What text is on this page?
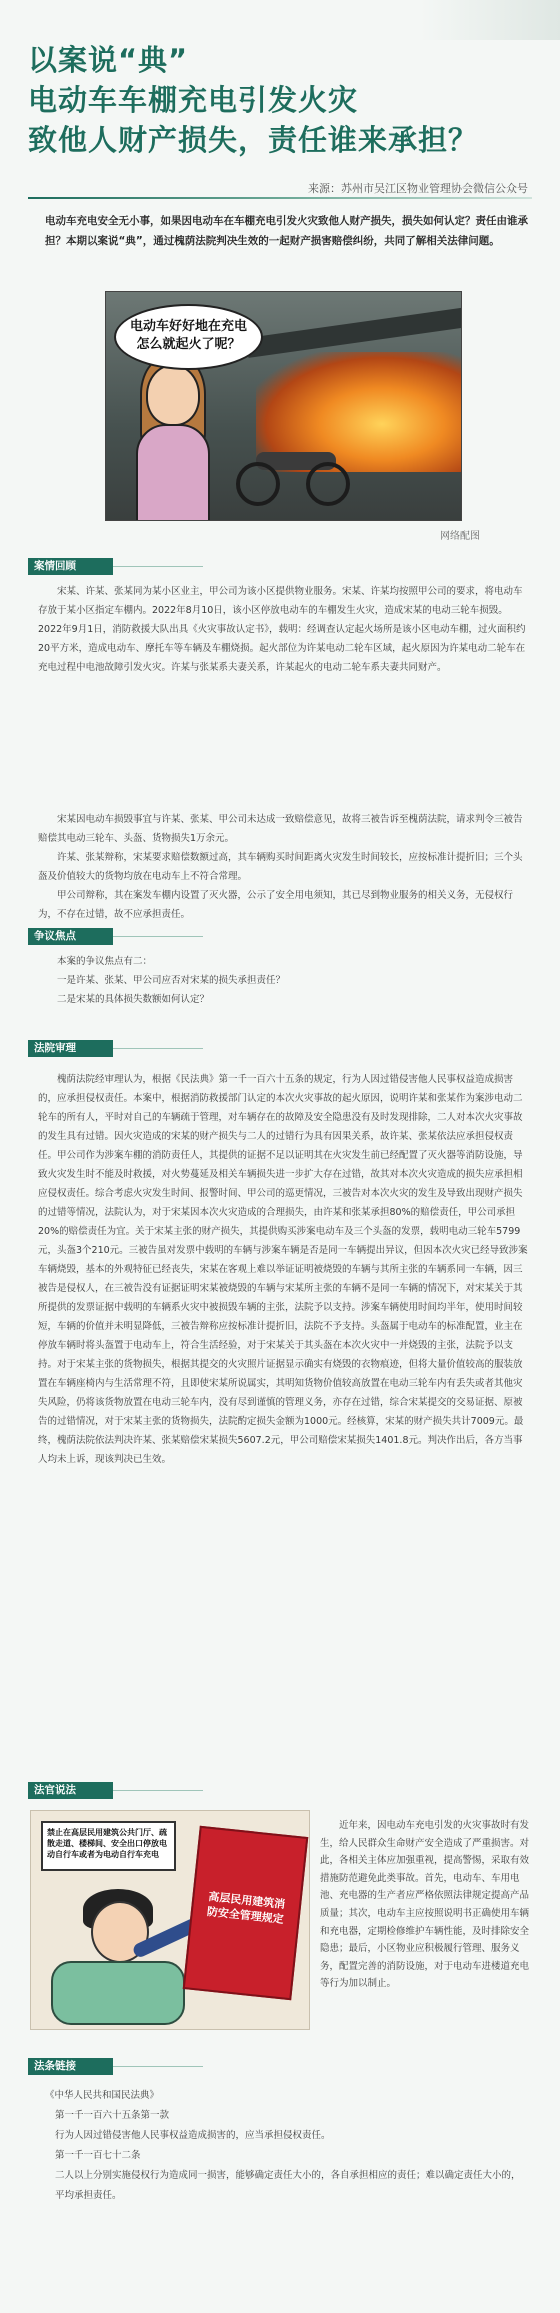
以案说“典”
电动车车棚充电引发火灾
致他人财产损失，责任谁来承担？
来源：苏州市吴江区物业管理协会微信公众号
电动车充电安全无小事，如果因电动车在车棚充电引发火灾致他人财产损失，损失如何认定？责任由谁承担？本期以案说“典”，通过槐荫法院判决生效的一起财产损害赔偿纠纷，共同了解相关法律问题。
电动车好好地在充电
怎么就起火了呢？
网络配图
案情回顾

宋某、许某、张某同为某小区业主，甲公司为该小区提供物业服务。宋某、许某均按照甲公司的要求，将电动车存放于某小区指定车棚内。2022年8月10日，该小区停放电动车的车棚发生火灾，造成宋某的电动三轮车损毁。2022年9月1日，消防救援大队出具《火灾事故认定书》，载明：经调查认定起火场所是该小区电动车棚，过火面积约20平方米，造成电动车、摩托车等车辆及车棚烧损。起火部位为许某电动二轮车区域，起火原因为许某电动二轮车在充电过程中电池故障引发火灾。许某与张某系夫妻关系，许某起火的电动二轮车系夫妻共同财产。

宋某因电动车损毁事宜与许某、张某、甲公司未达成一致赔偿意见，故将三被告诉至槐荫法院，请求判令三被告赔偿其电动三轮车、头盔、货物损失1万余元。

许某、张某辩称，宋某要求赔偿数额过高，其车辆购买时间距离火灾发生时间较长，应按标准计提折旧；三个头盔及价值较大的货物均放在电动车上不符合常理。

甲公司辩称，其在案发车棚内设置了灭火器，公示了安全用电须知，其已尽到物业服务的相关义务，无侵权行为，不存在过错，故不应承担责任。

争议焦点

本案的争议焦点有二：

一是许某、张某、甲公司应否对宋某的损失承担责任？

二是宋某的具体损失数额如何认定？

法院审理

槐荫法院经审理认为，根据《民法典》第一千一百六十五条的规定，行为人因过错侵害他人民事权益造成损害的，应承担侵权责任。本案中，根据消防救援部门认定的本次火灾事故的起火原因，说明许某和张某作为案涉电动二轮车的所有人，平时对自己的车辆疏于管理，对车辆存在的故障及安全隐患没有及时发现排除，二人对本次火灾事故的发生具有过错。因火灾造成的宋某的财产损失与二人的过错行为具有因果关系，故许某、张某依法应承担侵权责任。甲公司作为涉案车棚的消防责任人，其提供的证据不足以证明其在火灾发生前已经配置了灭火器等消防设施，导致火灾发生时不能及时救援，对火势蔓延及相关车辆损失进一步扩大存在过错，故其对本次火灾造成的损失应承担相应侵权责任。综合考虑火灾发生时间、报警时间、甲公司的巡更情况，三被告对本次火灾的发生及导致出现财产损失的过错等情况，法院认为，对于宋某因本次火灾造成的合理损失，由许某和张某承担80%的赔偿责任，甲公司承担20%的赔偿责任为宜。关于宋某主张的财产损失，其提供购买涉案电动车及三个头盔的发票，载明电动三轮车5799元，头盔3个210元。三被告虽对发票中载明的车辆与涉案车辆是否是同一车辆提出异议，但因本次火灾已经导致涉案车辆烧毁，基本的外观特征已经丧失，宋某在客观上难以举证证明被烧毁的车辆与其所主张的车辆系同一车辆，因三被告是侵权人，在三被告没有证据证明宋某被烧毁的车辆与宋某所主张的车辆不是同一车辆的情况下，对宋某关于其所提供的发票证据中载明的车辆系火灾中被损毁车辆的主张，法院予以支持。涉案车辆使用时间均半年，使用时间较短，车辆的价值并未明显降低，三被告辩称应按标准计提折旧，法院不予支持。头盔属于电动车的标准配置，业主在停放车辆时将头盔置于电动车上，符合生活经验，对于宋某关于其头盔在本次火灾中一并烧毁的主张，法院予以支持。对于宋某主张的货物损失，根据其提交的火灾照片证据显示确实有烧毁的衣物痕迹，但将大量价值较高的服装放置在车辆座椅内与生活常理不符，且即使宋某所说属实，其明知货物价值较高放置在电动三轮车内有丢失或者其他灾失风险，仍将该货物放置在电动三轮车内，没有尽到谨慎的管理义务，亦存在过错，综合宋某提交的交易证据、原被告的过错情况，对于宋某主张的货物损失，法院酌定损失金额为1000元。经核算，宋某的财产损失共计7009元。最终，槐荫法院依法判决许某、张某赔偿宋某损失5607.2元，甲公司赔偿宋某损失1401.8元。判决作出后，各方当事人均未上诉，现该判决已生效。

法官说法
禁止在高层民用建筑公共门厅、疏散走道、楼梯间、安全出口停放电动自行车或者为电动自行车充电
高层民用建筑消防安全管理规定

近年来，因电动车充电引发的火灾事故时有发生，给人民群众生命财产安全造成了严重损害。对此，各相关主体应加强重视，提高警惕，采取有效措施防范避免此类事故。首先，电动车、车用电池、充电器的生产者应严格依照法律规定提高产品质量；其次，电动车主应按照说明书正确使用车辆和充电器，定期检修维护车辆性能，及时排除安全隐患；最后，小区物业应积极履行管理、服务义务，配置完善的消防设施，对于电动车进楼道充电等行为加以制止。

法条链接
《中华人民共和国民法典》
第一千一百六十五条第一款
行为人因过错侵害他人民事权益造成损害的，应当承担侵权责任。
第一千一百七十二条
二人以上分别实施侵权行为造成同一损害，能够确定责任大小的，各自承担相应的责任；难以确定责任大小的，平均承担责任。
